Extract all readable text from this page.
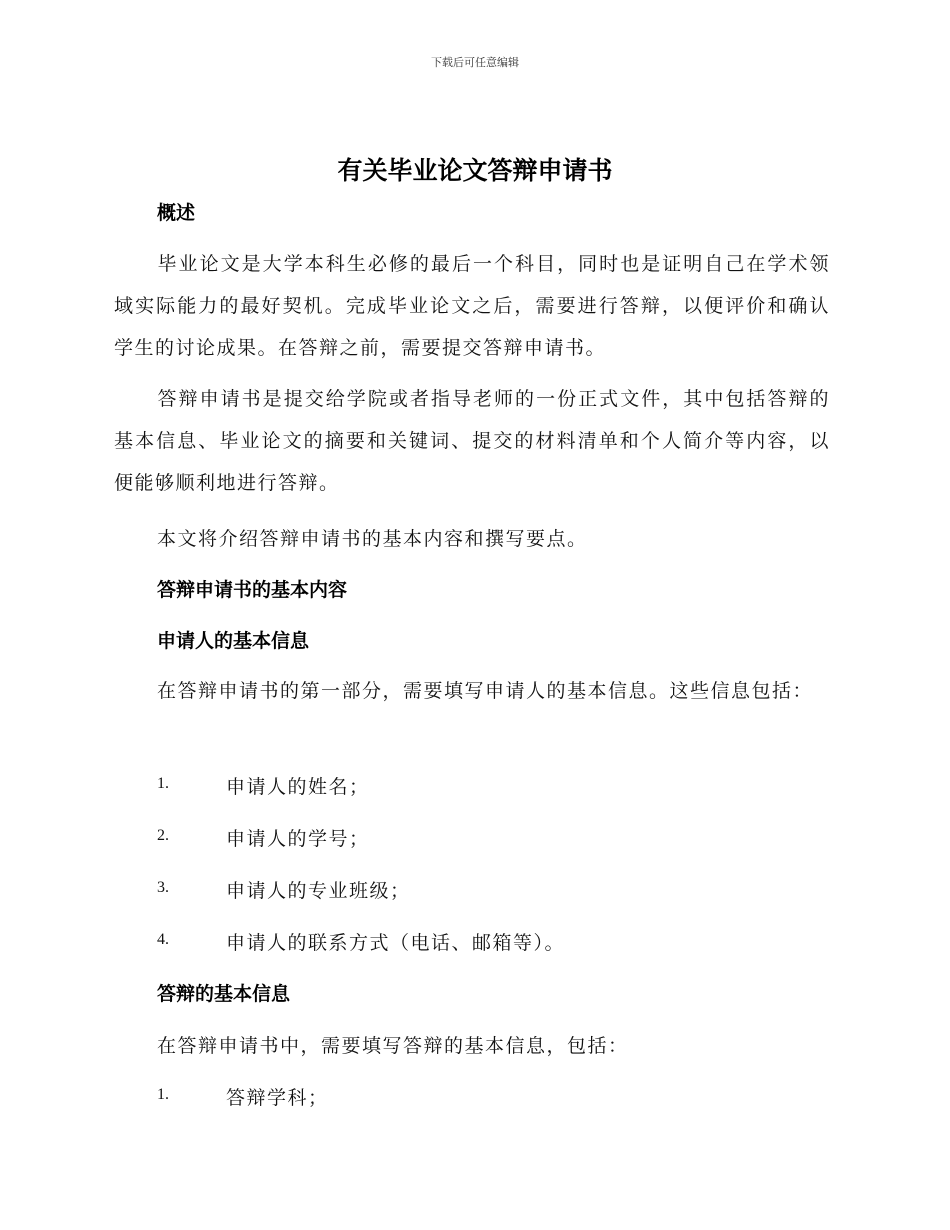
下载后可任意编辑
有关毕业论文答辩申请书
概述

毕业论文是大学本科生必修的最后一个科目，同时也是证明自己在学术领域实际能力的最好契机。完成毕业论文之后，需要进行答辩，以便评价和确认学生的讨论成果。在答辩之前，需要提交答辩申请书。

答辩申请书是提交给学院或者指导老师的一份正式文件，其中包括答辩的基本信息、毕业论文的摘要和关键词、提交的材料清单和个人简介等内容，以便能够顺利地进行答辩。

本文将介绍答辩申请书的基本内容和撰写要点。
答辩申请书的基本内容
申请人的基本信息

在答辩申请书的第一部分，需要填写申请人的基本信息。这些信息包括：

1.	申请人的姓名；
2.	申请人的学号；
3.	申请人的专业班级；
4.	申请人的联系方式（电话、邮箱等）。
答辩的基本信息
在答辩申请书中，需要填写答辩的基本信息，包括：
1.	答辩学科；
